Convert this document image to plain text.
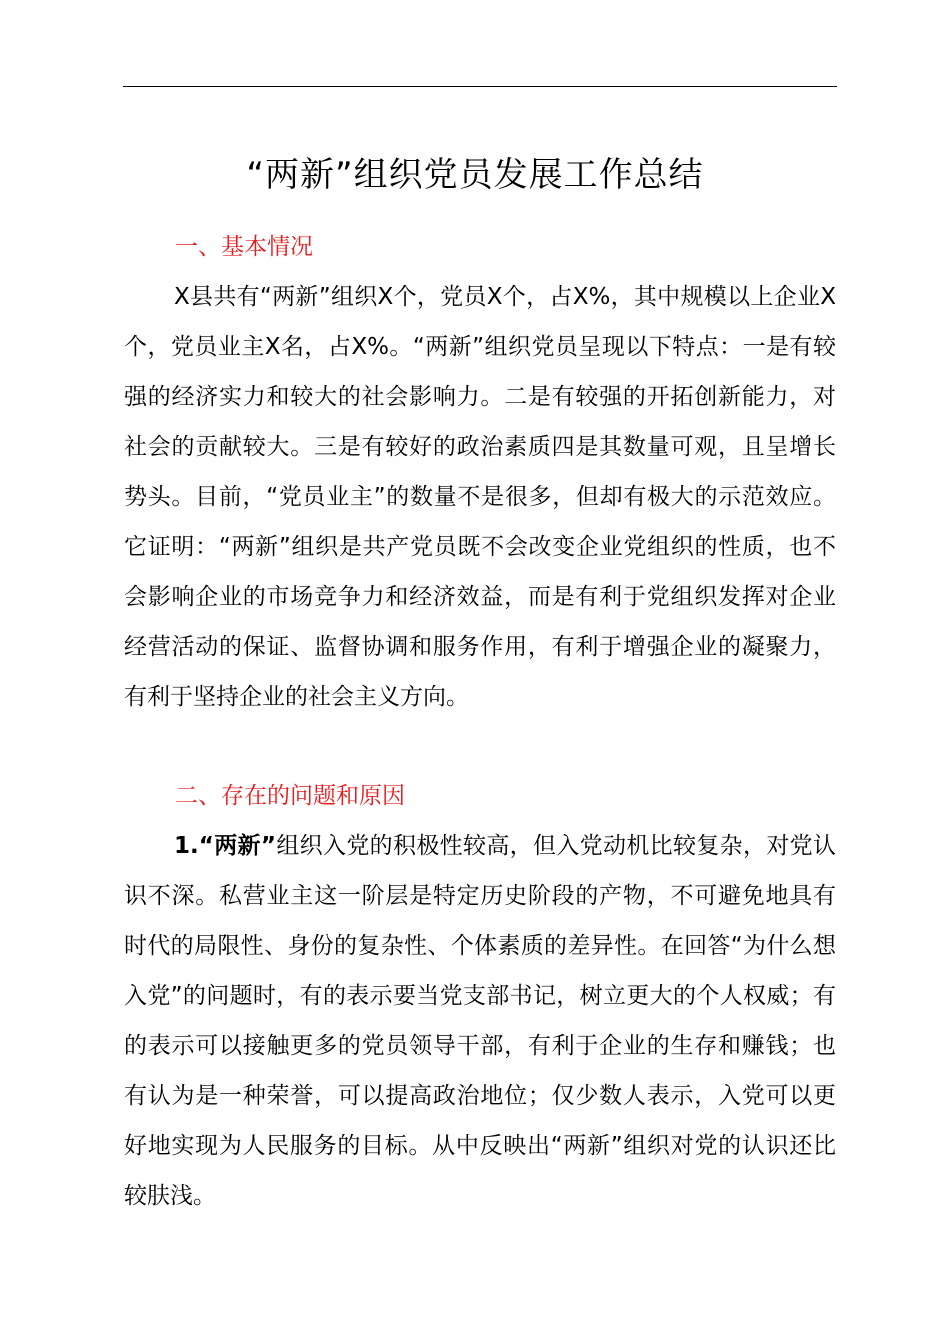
“两新”组织党员发展工作总结
一、基本情况

X县共有“两新”组织X个，党员X个，占X%，其中规模以上企业X个，党员业主X名，占X%。“两新”组织党员呈现以下特点：一是有较强的经济实力和较大的社会影响力。二是有较强的开拓创新能力，对社会的贡献较大。三是有较好的政治素质四是其数量可观，且呈增长势头。目前，“党员业主”的数量不是很多，但却有极大的示范效应。它证明：“两新”组织是共产党员既不会改变企业党组织的性质，也不会影响企业的市场竞争力和经济效益，而是有利于党组织发挥对企业经营活动的保证、监督协调和服务作用，有利于增强企业的凝聚力，有利于坚持企业的社会主义方向。

二、存在的问题和原因

1.“两新”组织入党的积极性较高，但入党动机比较复杂，对党认识不深。私营业主这一阶层是特定历史阶段的产物，不可避免地具有时代的局限性、身份的复杂性、个体素质的差异性。在回答“为什么想入党”的问题时，有的表示要当党支部书记，树立更大的个人权威；有的表示可以接触更多的党员领导干部，有利于企业的生存和赚钱；也有认为是一种荣誉，可以提高政治地位；仅少数人表示，入党可以更好地实现为人民服务的目标。从中反映出“两新”组织对党的认识还比较肤浅。
